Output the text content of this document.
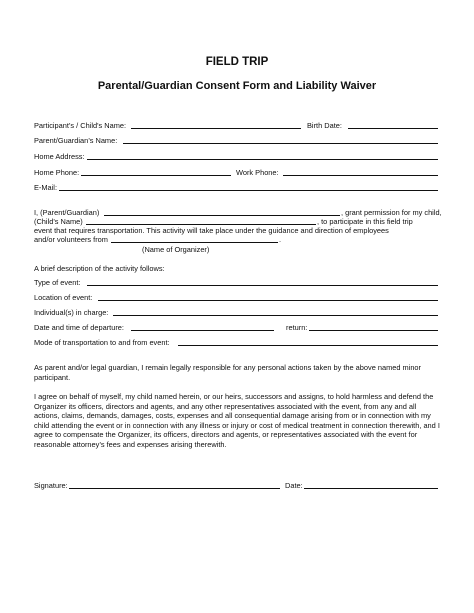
FIELD TRIP
Parental/Guardian Consent Form and Liability Waiver
Participant’s / Child's Name:	Birth Date:
Parent/Guardian’s Name:
Home Address:
Home Phone:	Work Phone:
E-Mail:
I, (Parent/Guardian)	, grant permission for my child,
(Child’s Name)	, to participate in this field trip
event that requires transportation. This activity will take place under the guidance and direction of employees
and/or volunteers from	.
(Name of Organizer)
A brief description of the activity follows:
Type of event:
Location of event:
Individual(s) in charge:
Date and time of departure:	return:
Mode of transportation to and from event:
As parent and/or legal guardian, I remain legally responsible for any personal actions taken by the above named minor participant.
I agree on behalf of myself, my child named herein, or our heirs, successors and assigns, to hold harmless and defend the Organizer its officers, directors and agents, and any other representatives associated with the event, from any and all actions, claims, demands, damages, costs, expenses and all consequential damage arising from or in connection with my child attending the event or in connection with any illness or injury or cost of medical treatment in connection therewith, and I agree to compensate the Organizer, its officers, directors and agents, or representatives associated with the event for reasonable attorney’s fees and expenses arising therewith.
Signature:	Date:
